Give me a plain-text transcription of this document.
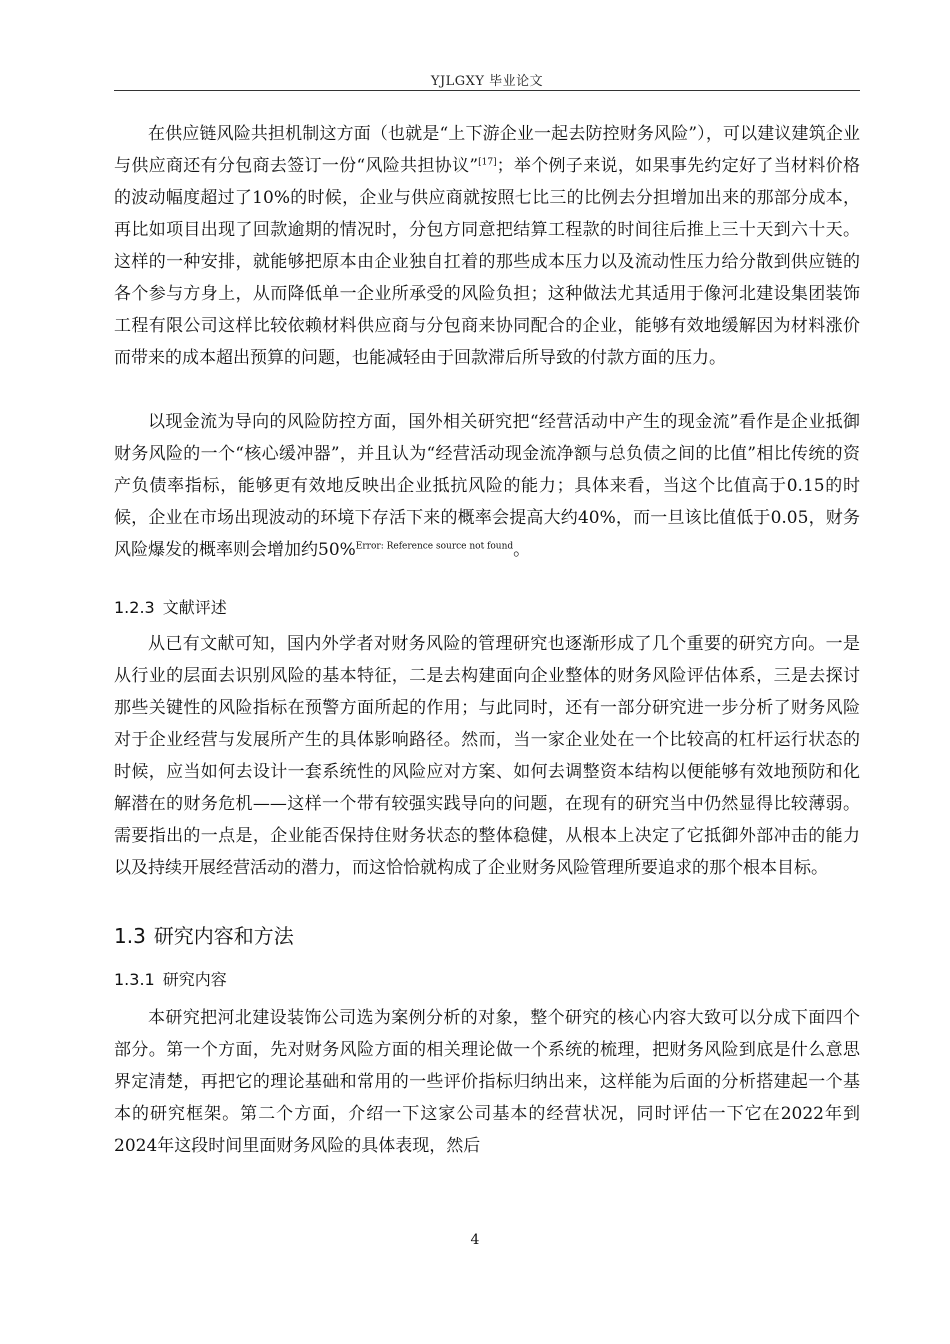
YJLGXY 毕业论文

在供应链风险共担机制这方面（也就是“上下游企业一起去防控财务风险”），可以建议建筑企业与供应商还有分包商去签订一份“风险共担协议”[17]；举个例子来说，如果事先约定好了当材料价格的波动幅度超过了10%的时候，企业与供应商就按照七比三的比例去分担增加出来的那部分成本，再比如项目出现了回款逾期的情况时，分包方同意把结算工程款的时间往后推上三十天到六十天。这样的一种安排，就能够把原本由企业独自扛着的那些成本压力以及流动性压力给分散到供应链的各个参与方身上，从而降低单一企业所承受的风险负担；这种做法尤其适用于像河北建设集团装饰工程有限公司这样比较依赖材料供应商与分包商来协同配合的企业，能够有效地缓解因为材料涨价而带来的成本超出预算的问题，也能减轻由于回款滞后所导致的付款方面的压力。

以现金流为导向的风险防控方面，国外相关研究把“经营活动中产生的现金流”看作是企业抵御财务风险的一个“核心缓冲器”，并且认为“经营活动现金流净额与总负债之间的比值”相比传统的资产负债率指标，能够更有效地反映出企业抵抗风险的能力；具体来看，当这个比值高于0.15的时候，企业在市场出现波动的环境下存活下来的概率会提高大约40%，而一旦该比值低于0.05，财务风险爆发的概率则会增加约50%$^{Error: Reference source not found}$。

1.2.3 文献评述

从已有文献可知，国内外学者对财务风险的管理研究也逐渐形成了几个重要的研究方向。一是从行业的层面去识别风险的基本特征，二是去构建面向企业整体的财务风险评估体系，三是去探讨那些关键性的风险指标在预警方面所起的作用；与此同时，还有一部分研究进一步分析了财务风险对于企业经营与发展所产生的具体影响路径。然而，当一家企业处在一个比较高的杠杆运行状态的时候，应当如何去设计一套系统性的风险应对方案、如何去调整资本结构以便能够有效地预防和化解潜在的财务危机——这样一个带有较强实践导向的问题，在现有的研究当中仍然显得比较薄弱。需要指出的一点是，企业能否保持住财务状态的整体稳健，从根本上决定了它抵御外部冲击的能力以及持续开展经营活动的潜力，而这恰恰就构成了企业财务风险管理所要追求的那个根本目标。

1.3 研究内容和方法
1.3.1 研究内容

本研究把河北建设装饰公司选为案例分析的对象，整个研究的核心内容大致可以分成下面四个部分。第一个方面，先对财务风险方面的相关理论做一个系统的梳理，把财务风险到底是什么意思界定清楚，再把它的理论基础和常用的一些评价指标归纳出来，这样能为后面的分析搭建起一个基本的研究框架。第二个方面，介绍一下这家公司基本的经营状况，同时评估一下它在2022年到2024年这段时间里面财务风险的具体表现，然后

4
